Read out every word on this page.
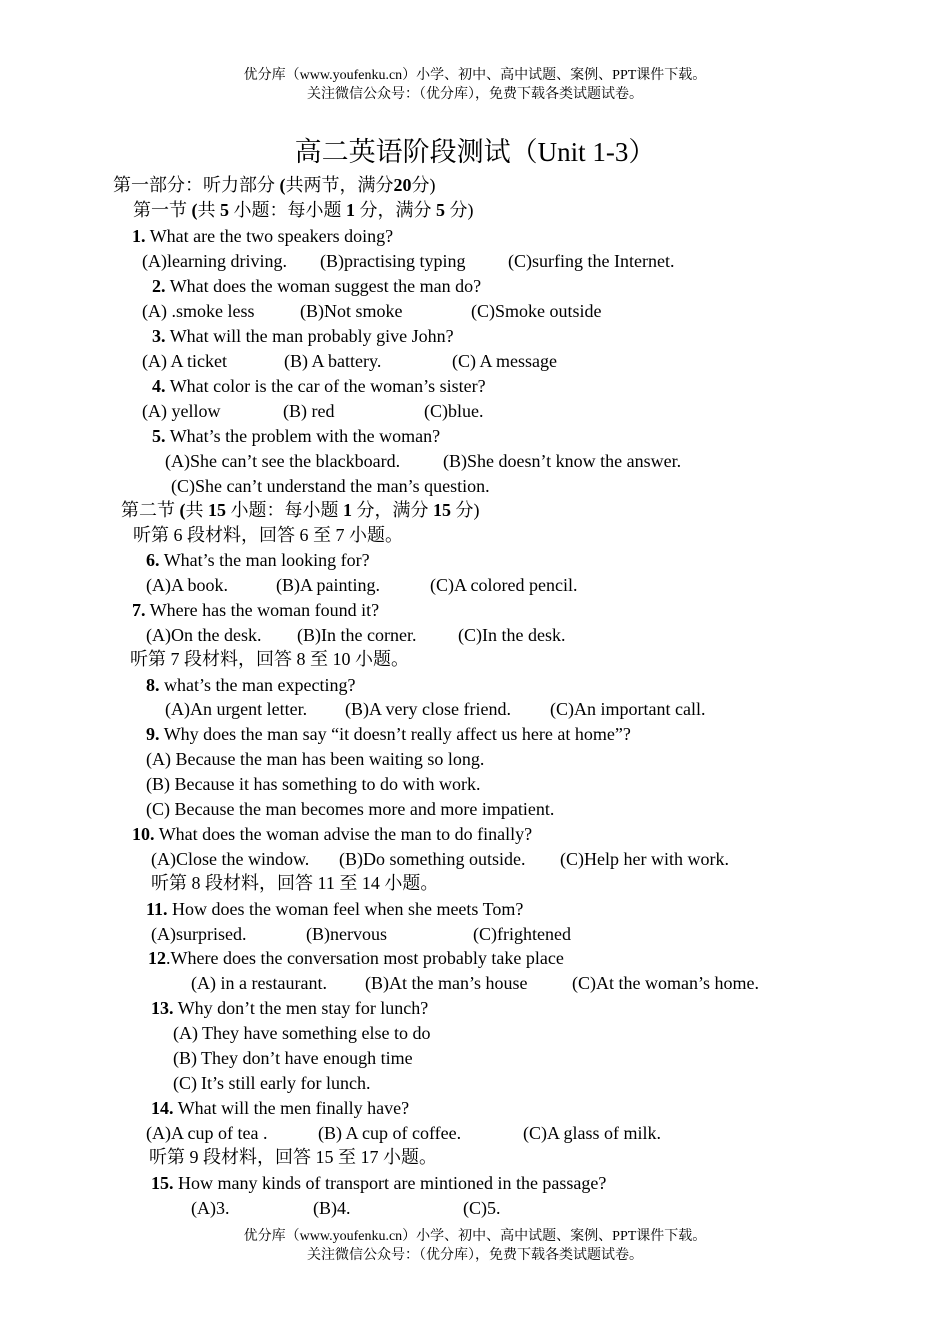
优分库（www.youfenku.cn）小学、初中、高中试题、案例、PPT课件下载。
关注微信公众号：（优分库），免费下载各类试题试卷。
高二英语阶段测试（Unit 1-3）
第一部分：听力部分 (共两节，满分20分)
第一节 (共 5 小题：每小题 1 分，满分 5 分)
1. What are the two speakers doing?
(A)learning driving. (B)practising typing (C)surfing the Internet.
2. What does the woman suggest the man do?
(A) .smoke less	(B)Not smoke	(C)Smoke outside
3. What will the man probably give John?
(A) A ticket	(B) A battery.	(C) A message
4. What color is the car of the woman’s sister?
(A) yellow	(B) red	(C)blue.
5. What’s the problem with the woman?
(A)She can’t see the blackboard. (B)She doesn’t know the answer.
(C)She can’t understand the man’s question.
第二节 (共 15 小题：每小题 1 分，满分 15 分)
听第 6 段材料，回答 6 至 7 小题。
6. What’s the man looking for?
(A)A book.	(B)A painting.	(C)A colored pencil.
7. Where has the woman found it?
(A)On the desk. (B)In the corner. (C)In the desk.
听第 7 段材料，回答 8 至 10 小题。
8. what’s the man expecting?
(A)An urgent letter. (B)A very close friend. (C)An important call.
9. Why does the man say “it doesn’t really affect us here at home”?
(A) Because the man has been waiting so long.
(B) Because it has something to do with work.
(C) Because the man becomes more and more impatient.
10. What does the woman advise the man to do finally?
(A)Close the window. (B)Do something outside. (C)Help her with work.
听第 8 段材料，回答 11 至 14 小题。
11. How does the woman feel when she meets Tom?
(A)surprised.	(B)nervous	(C)frightened
12.Where does the conversation most probably take place
(A) in a restaurant. (B)At the man’s house (C)At the woman’s home.
13. Why don’t the men stay for lunch?
(A) They have something else to do
(B) They don’t have enough time
(C) It’s still early for lunch.
14. What will the men finally have?
(A)A cup of tea .	(B) A cup of coffee.	(C)A glass of milk.
听第 9 段材料，回答 15 至 17 小题。
15. How many kinds of transport are mintioned in the passage?
(A)3.	(B)4.	(C)5.
优分库（www.youfenku.cn）小学、初中、高中试题、案例、PPT课件下载。
关注微信公众号：（优分库），免费下载各类试题试卷。
